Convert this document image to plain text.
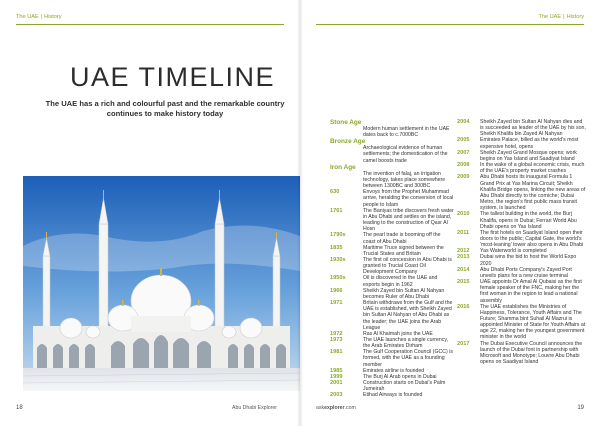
The UAE | History
UAE TIMELINE

The UAE has a rich and colourful past and the remarkable country continues to make history today

18	Abu Dhabi Explorer
The UAE | History
askexplorer.com	19
Stone Age
Modern human settlement in the UAE dates back to c.7000BC
Bronze Age
Archaeological evidence of human settlements; the domestication of the camel boosts trade
Iron Age
The invention of falaj, an irrigation technology, takes place somewhere between 1300BC and 300BC
630	Envoys from the Prophet Muhammad arrive, heralding the conversion of local people to Islam
1761	The Baniyas tribe discovers fresh water in Abu Dhabi and settles on the island, leading to the construction of Qasr Al Hosn
1790s	The pearl trade is booming off the coast of Abu Dhabi
1835	Maritime Truce signed between the Trucial States and Britain
1930s	The first oil concession in Abu Dhabi is granted to Trucial Coast Oil Development Company
1950s	Oil is discovered in the UAE and exports begin in 1962
1966	Sheikh Zayed bin Sultan Al Nahyan becomes Ruler of Abu Dhabi
1971	Britain withdraws from the Gulf and the UAE is established, with Sheikh Zayed bin Sultan Al Nahyan of Abu Dhabi as the leader; the UAE joins the Arab League
1972	Ras Al Khaimah joins the UAE
1973	The UAE launches a single currency, the Arab Emirates Dirham
1981	The Gulf Cooperation Council (GCC) is formed, with the UAE as a founding member
1985	Emirates airline is founded
1999	The Burj Al Arab opens in Dubai
2001	Construction starts on Dubai's Palm Jumeirah
2003	Etihad Airways is founded
2004	Sheikh Zayed bin Sultan Al Nahyan dies and is succeeded as leader of the UAE by his son, Sheikh Khalifa bin Zayed Al Nahyan
2005	Emirates Palace, billed as the world's most expensive hotel, opens
2007	Sheikh Zayed Grand Mosque opens; work begins on Yas Island and Saadiyat Island
2008	In the wake of a global economic crisis, much of the UAE's property market crashes
2009	Abu Dhabi hosts its inaugural Formula 1 Grand Prix at Yas Marina Circuit; Sheikh Khalifa Bridge opens, linking the new areas of Abu Dhabi directly to the corniche; Dubai Metro, the region's first public mass transit system, is launched
2010	The tallest building in the world, the Burj Khalifa, opens in Dubai; Ferrari World Abu Dhabi opens on Yas Island
2011	The first hotels on Saadiyat Island open their doors to the public; Capital Gate, the world's 'most-leaning' tower also opens in Abu Dhabi
2012	Yas Waterworld is completed
2013	Dubai wins the bid to host the World Expo 2020
2014	Abu Dhabi Ports Company's Zayed Port unveils plans for a new cruise terminal
2015	UAE appoints Dr Amal Al Qubaisi as the first female speaker of the FNC, making her the first woman in the region to lead a national assembly
2016	The UAE establishes the Ministries of Happiness, Tolerance, Youth Affairs and The Future; Shamma bint Suhail Al Mazrui is appointed Minister of State for Youth Affairs at age 22, making her the youngest government minister in the world
2017	The Dubai Executive Council announces the launch of the Dubai font in partnership with Microsoft and Monotype; Louvre Abu Dhabi opens on Saadiyat Island
